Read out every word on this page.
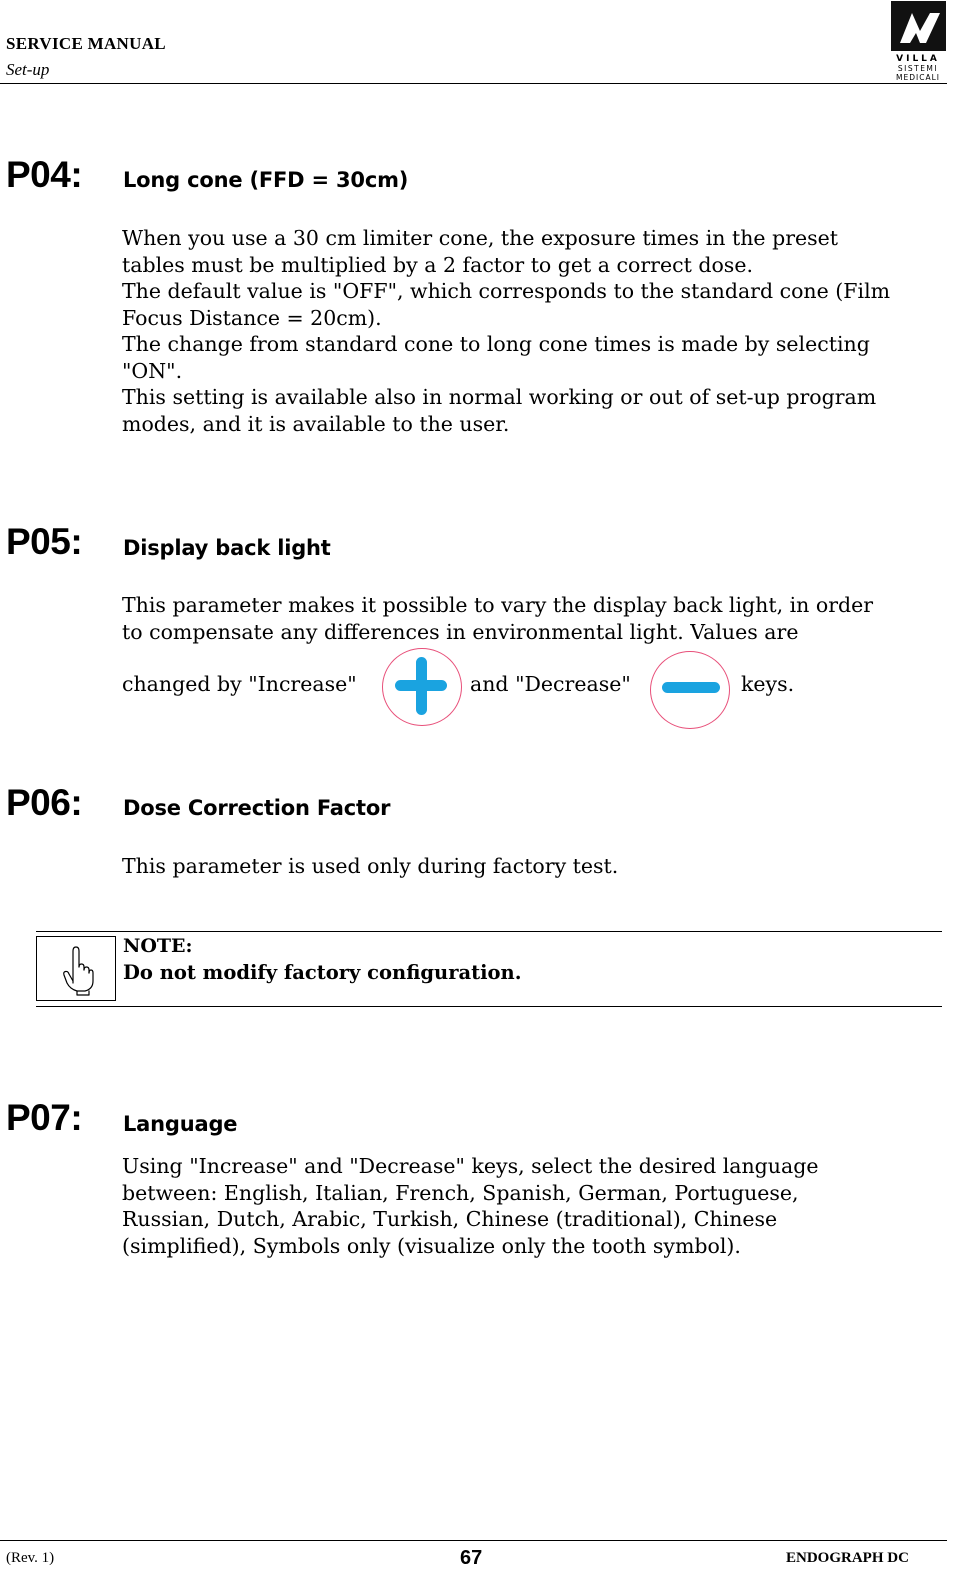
SERVICE MANUAL
Set-up
VILLA
SISTEMI
MEDICALI
P04: Long cone (FFD = 30cm)
When you use a 30 cm limiter cone, the exposure times in the preset
tables must be multiplied by a 2 factor to get a correct dose.
The default value is "OFF", which corresponds to the standard cone (Film
Focus Distance = 20cm).
The change from standard cone to long cone times is made by selecting
"ON".
This setting is available also in normal working or out of set-up program
modes, and it is available to the user.
P05: Display back light
This parameter makes it possible to vary the display back light, in order
to compensate any differences in environmental light. Values are
changed by "Increase"	and "Decrease"	keys.
P06: Dose Correction Factor
This parameter is used only during factory test.
NOTE:
Do not modify factory configuration.
P07: Language
Using "Increase" and "Decrease" keys, select the desired language
between: English, Italian, French, Spanish, German, Portuguese,
Russian, Dutch, Arabic, Turkish, Chinese (traditional), Chinese
(simplified), Symbols only (visualize only the tooth symbol).
(Rev. 1)	67	ENDOGRAPH DC
